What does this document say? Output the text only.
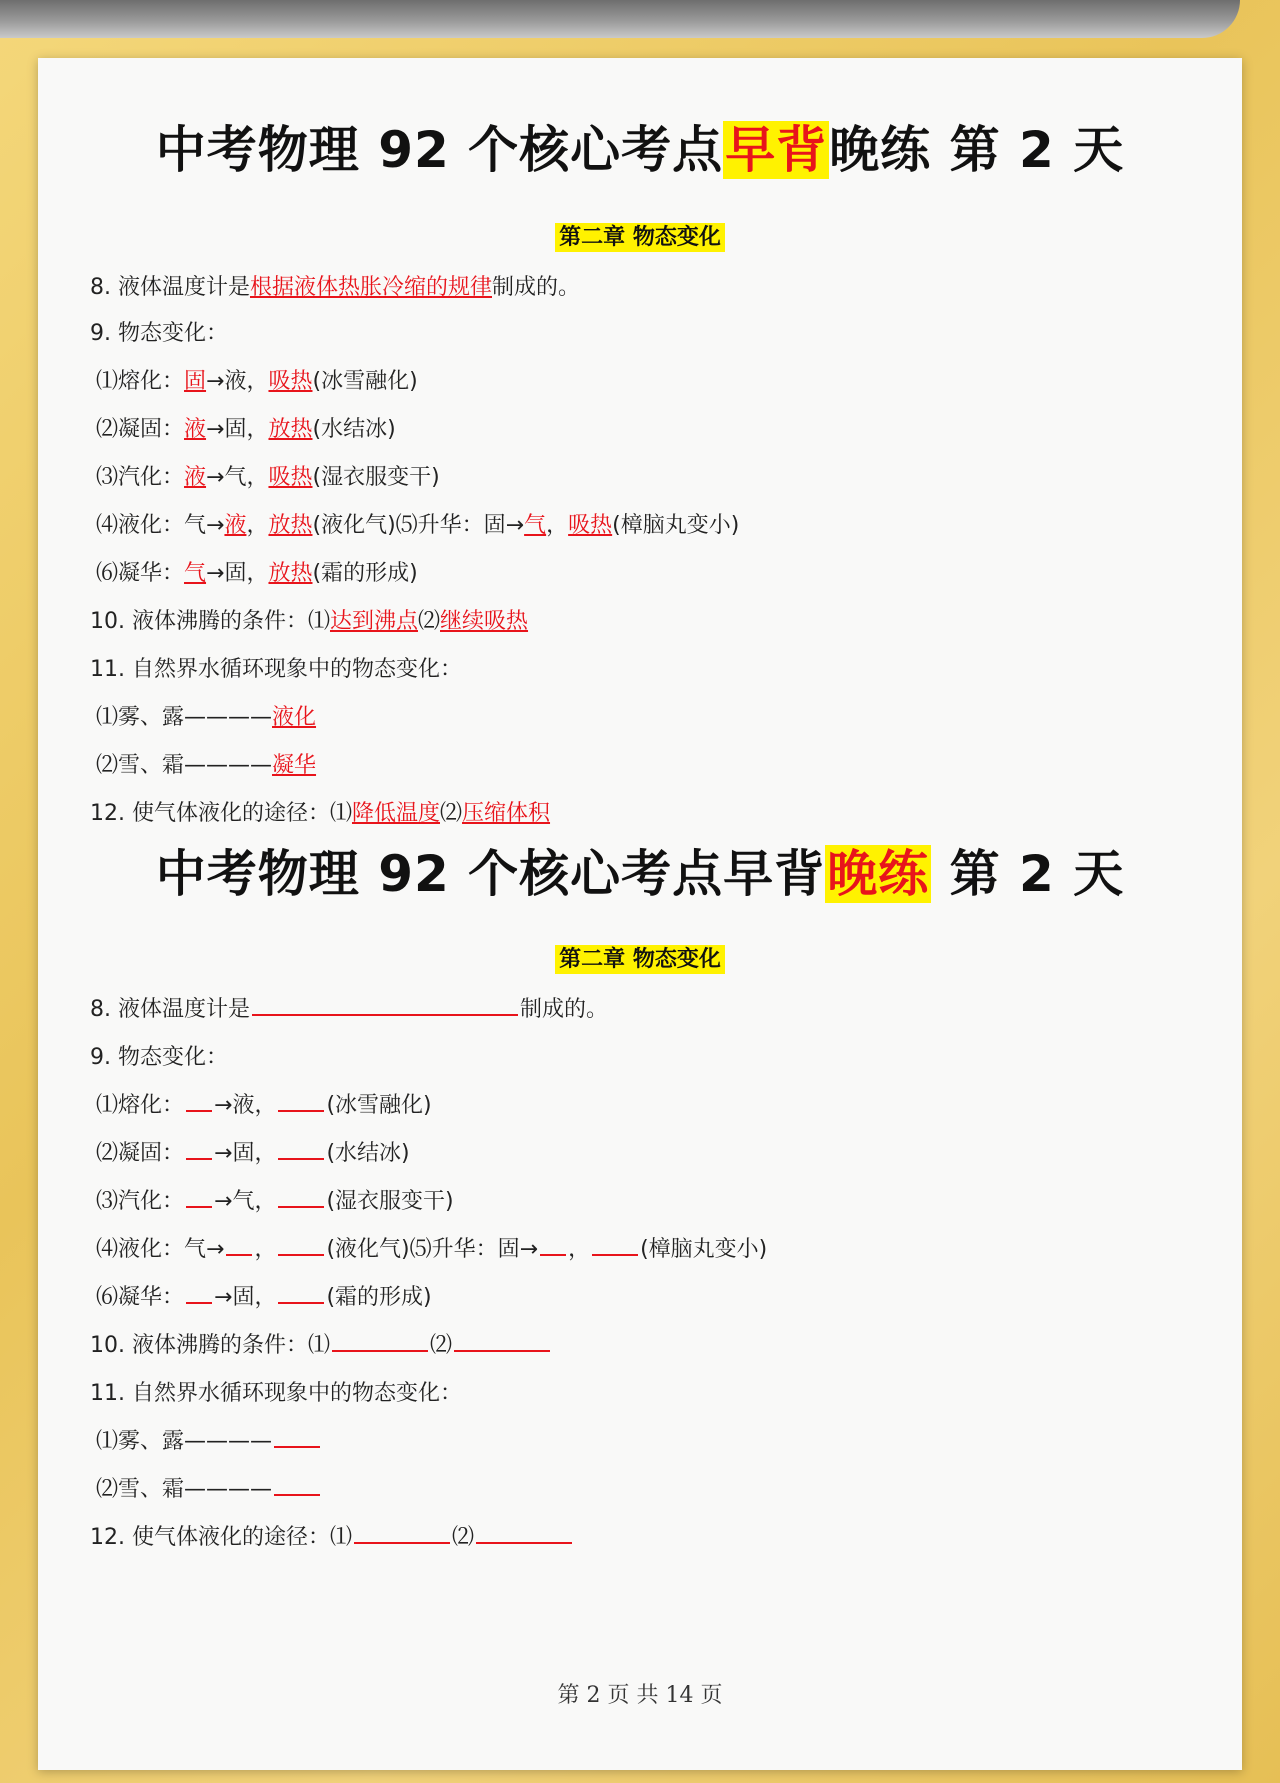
中考物理 92 个核心考点早背晚练 第 2 天
第二章 物态变化
8. 液体温度计是根据液体热胀冷缩的规律制成的。
9. 物态变化：
⑴熔化：固→液，吸热(冰雪融化)
⑵凝固：液→固，放热(水结冰)
⑶汽化：液→气，吸热(湿衣服变干)
⑷液化：气→液，放热(液化气)⑸升华：固→气，吸热(樟脑丸变小)
⑹凝华：气→固，放热(霜的形成)
10. 液体沸腾的条件：⑴达到沸点⑵继续吸热
11. 自然界水循环现象中的物态变化：
⑴雾、露————液化
⑵雪、霜————凝华
12. 使气体液化的途径：⑴降低温度⑵压缩体积
中考物理 92 个核心考点早背晚练 第 2 天
第二章 物态变化
8. 液体温度计是	制成的。
9. 物态变化：
⑴熔化： →液， (冰雪融化)
⑵凝固： →固， (水结冰)
⑶汽化： →气， (湿衣服变干)
⑷液化：气→ ， (液化气)⑸升华：固→ ， (樟脑丸变小)
⑹凝华： →固， (霜的形成)
10. 液体沸腾的条件：⑴	⑵
11. 自然界水循环现象中的物态变化：
⑴雾、露————
⑵雪、霜————
12. 使气体液化的途径：⑴	⑵
第 2 页 共 14 页
